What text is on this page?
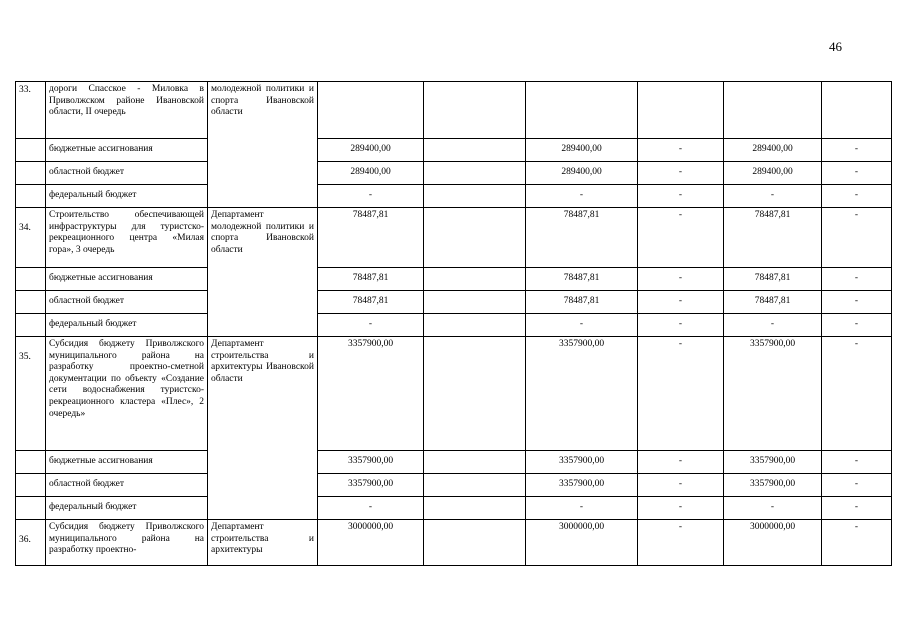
46
33.	дороги Спасское - Миловка в Приволжском районе Ивановской области, II очередь	молодежной политики и спорта Ивановской области						
	бюджетные ассигнования		289400,00		289400,00	-	289400,00	-
	областной бюджет		289400,00		289400,00	-	289400,00	-
	федеральный бюджет		-		-	-	-	-
34.	Строительство обеспечивающей инфраструктуры для туристско-рекреационного центра «Милая гора», 3 очередь	Департамент молодежной политики и спорта Ивановской области	78487,81		78487,81	-	78487,81	-
	бюджетные ассигнования		78487,81		78487,81	-	78487,81	-
	областной бюджет		78487,81		78487,81	-	78487,81	-
	федеральный бюджет		-		-	-	-	-
35.	Субсидия бюджету Приволжского муниципального района на разработку проектно-сметной документации по объекту «Создание сети водоснабжения туристско-рекреационного кластера «Плес», 2 очередь»	Департамент строительства и архитектуры Ивановской области	3357900,00		3357900,00	-	3357900,00	-
	бюджетные ассигнования		3357900,00		3357900,00	-	3357900,00	-
	областной бюджет		3357900,00		3357900,00	-	3357900,00	-
	федеральный бюджет		-		-	-	-	-
36.	Субсидия бюджету Приволжского муниципального района на разработку проектно-	Департамент строительства и архитектуры	3000000,00		3000000,00	-	3000000,00	-
